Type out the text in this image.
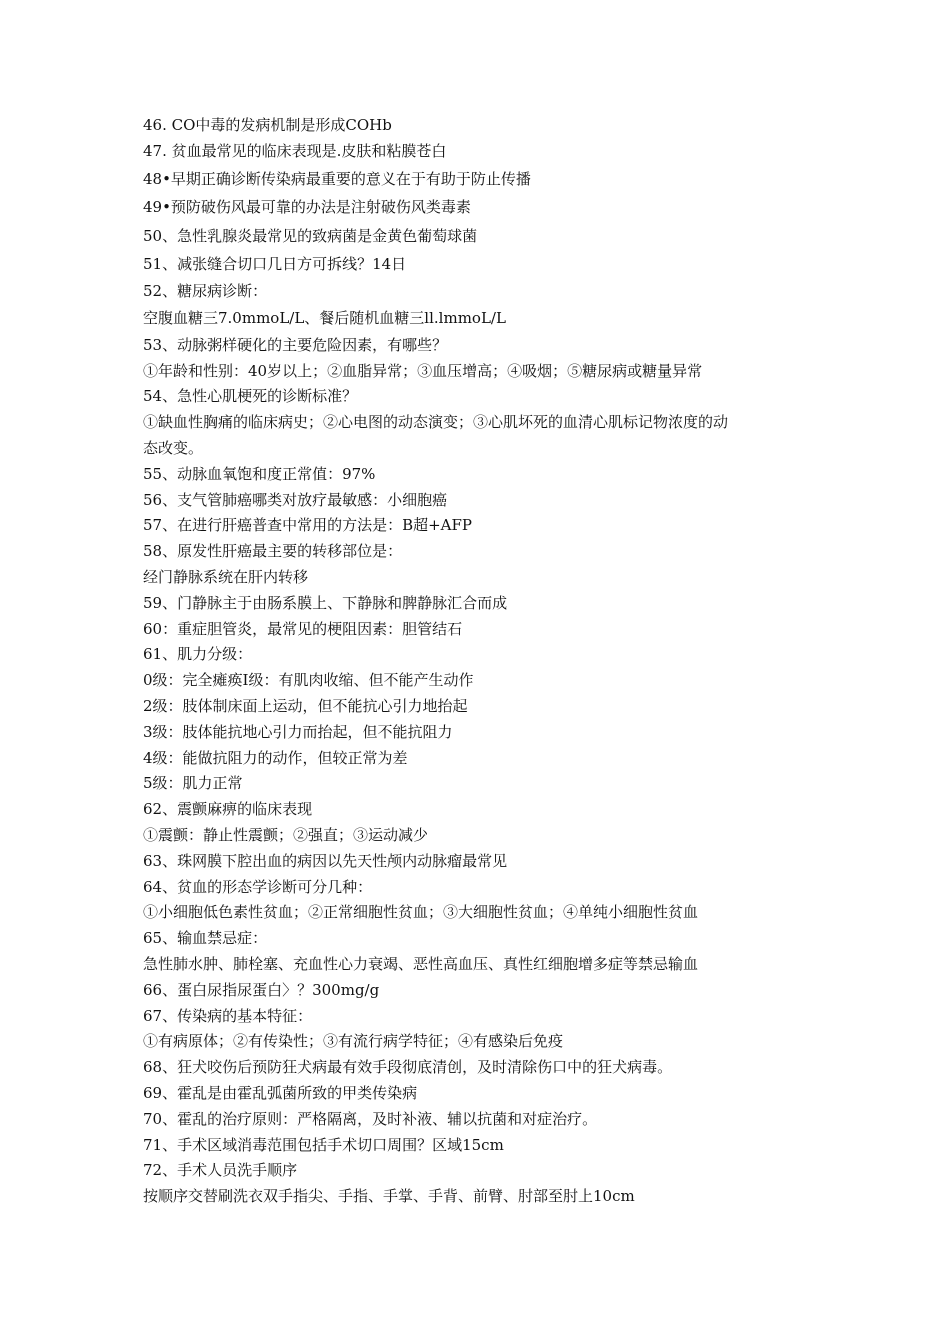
46. CO中毒的发病机制是形成COHb
47. 贫血最常见的临床表现是.皮肤和粘膜苍白
48•早期正确诊断传染病最重要的意义在于有助于防止传播
49•预防破伤风最可靠的办法是注射破伤风类毒素
50、急性乳腺炎最常见的致病菌是金黄色葡萄球菌
51、减张缝合切口几日方可拆线？14日
52、糖尿病诊断：
空腹血糖三7.0mmoL/L、餐后随机血糖三ll.lmmoL/L
53、动脉粥样硬化的主要危险因素，有哪些？
①年龄和性别：40岁以上；②血脂异常；③血压增高；④吸烟；⑤糖尿病或糖量异常
54、急性心肌梗死的诊断标准？
①缺血性胸痛的临床病史；②心电图的动态演变；③心肌坏死的血清心肌标记物浓度的动
态改变。
55、动脉血氧饱和度正常值：97%
56、支气管肺癌哪类对放疗最敏感：小细胞癌
57、在进行肝癌普查中常用的方法是：B超+AFP
58、原发性肝癌最主要的转移部位是：
经门静脉系统在肝内转移
59、门静脉主于由肠系膜上、下静脉和脾静脉汇合而成
60：重症胆管炎，最常见的梗阻因素：胆管结石
61、肌力分级：
0级：完全瘫痪I级：有肌肉收缩、但不能产生动作
2级：肢体制床面上运动，但不能抗心引力地抬起
3级：肢体能抗地心引力而抬起，但不能抗阻力
4级：能做抗阻力的动作，但较正常为差
5级：肌力正常
62、震颤麻痹的临床表现
①震颤：静止性震颤；②强直；③运动减少
63、珠网膜下腔出血的病因以先天性颅内动脉瘤最常见
64、贫血的形态学诊断可分几种：
①小细胞低色素性贫血；②正常细胞性贫血；③大细胞性贫血；④单纯小细胞性贫血
65、输血禁忌症：
急性肺水肿、肺栓塞、充血性心力衰竭、恶性高血压、真性红细胞增多症等禁忌输血
66、蛋白尿指尿蛋白〉？300mg/g
67、传染病的基本特征：
①有病原体；②有传染性；③有流行病学特征；④有感染后免疫
68、狂犬咬伤后预防狂犬病最有效手段彻底清创，及时清除伤口中的狂犬病毒。
69、霍乱是由霍乱弧菌所致的甲类传染病
70、霍乱的治疗原则：严格隔离，及时补液、辅以抗菌和对症治疗。
71、手术区域消毒范围包括手术切口周围？区域15cm
72、手术人员洗手顺序
按顺序交替刷洗衣双手指尖、手指、手掌、手背、前臂、肘部至肘上10cm
